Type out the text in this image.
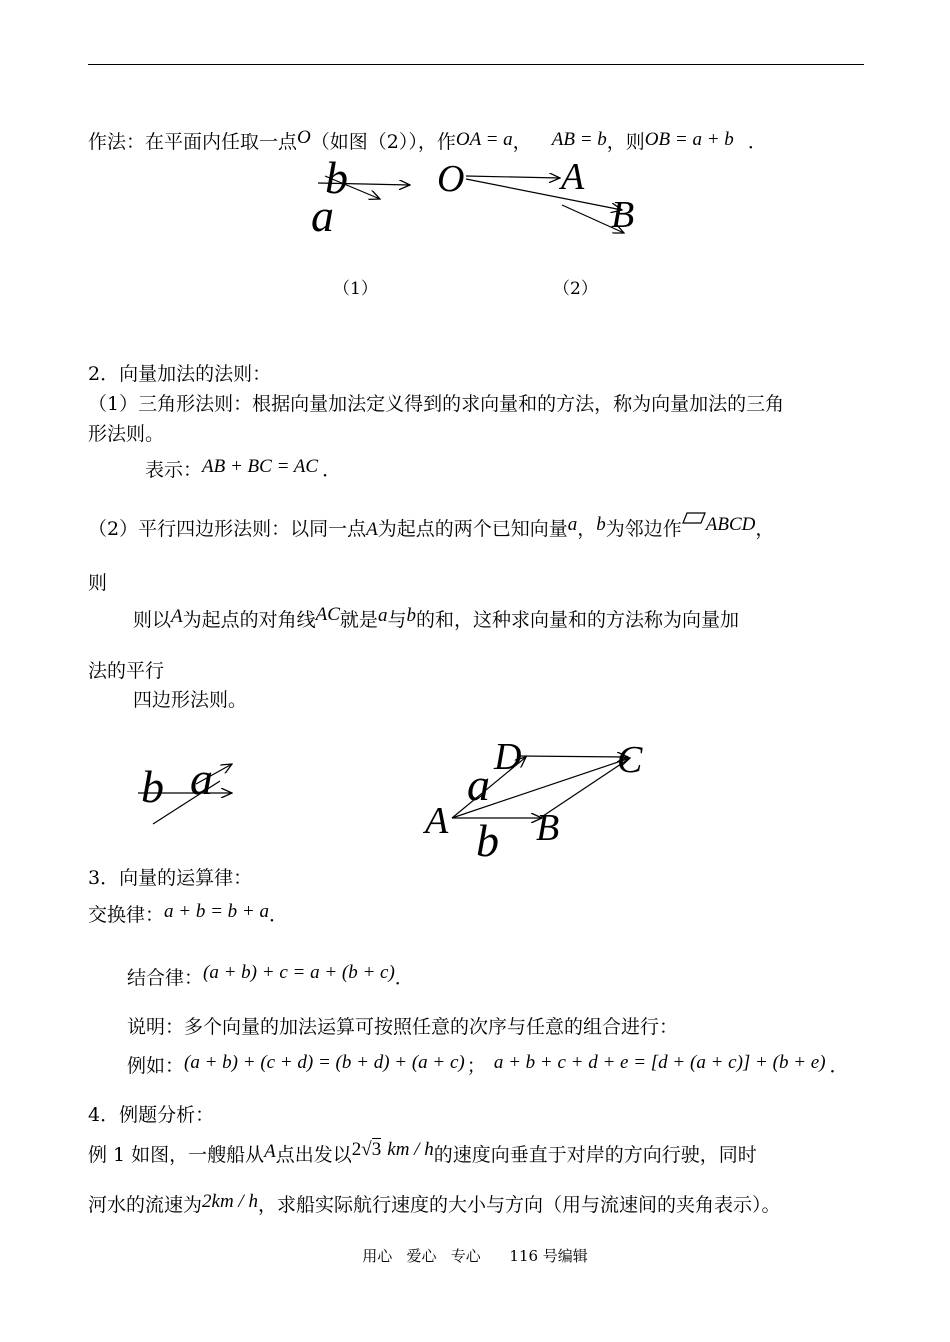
作法：在平面内任取一点O（如图（2）），作OA = a， AB = b，则OB = a + b ．
b
a
O	A
B
（1）	（2）
2．向量加法的法则：
（1）三角形法则：根据向量加法定义得到的求向量和的方法，称为向量加法的三角
形法则。
表示：AB + BC = AC ．
（2）平行四边形法则：以同一点A为起点的两个已知向量a，b为邻边作 ABCD，
则
则以A为起点的对角线AC就是a与b的和，这种求向量和的方法称为向量加
法的平行
四边形法则。
b a	D	C
a
A B
b
3．向量的运算律：
交换律：a + b = b + a．
结合律：(a + b) + c = a + (b + c)．
说明：多个向量的加法运算可按照任意的次序与任意的组合进行：
例如：(a + b) + (c + d) = (b + d) + (a + c) ； a + b + c + d + e = [d + (a + c)] + (b + e) ．
4．例题分析：
例 1 如图，一艘船从A点出发以2√3 km / h的速度向垂直于对岸的方向行驶，同时
河水的流速为2km / h，求船实际航行速度的大小与方向（用与流速间的夹角表示）。
用心   爱心   专心      116 号编辑
